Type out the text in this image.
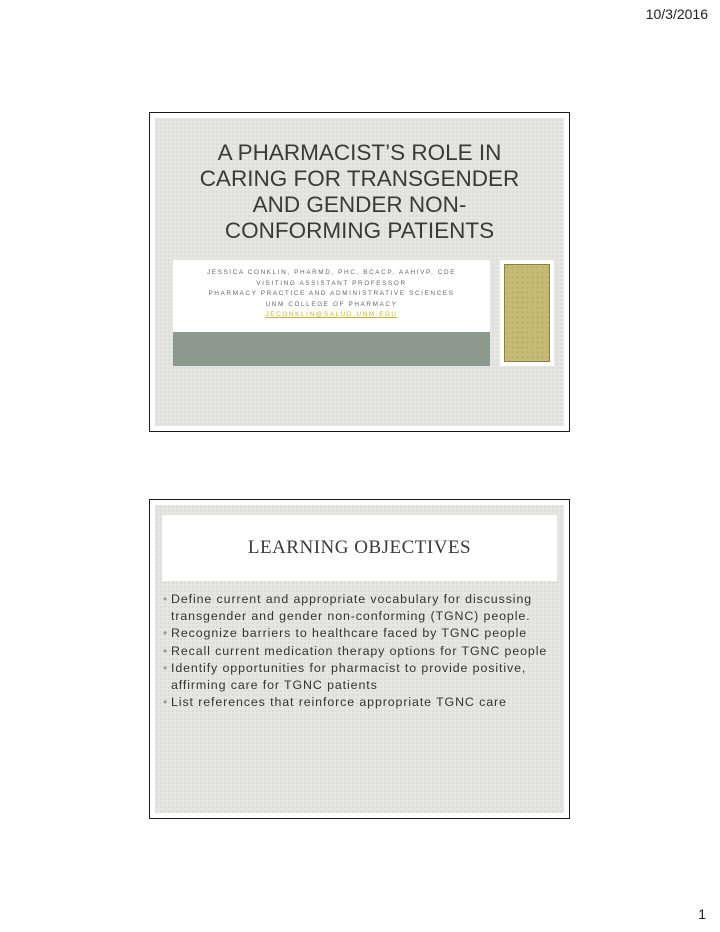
10/3/2016
A PHARMACIST’S ROLE IN
CARING FOR TRANSGENDER
AND GENDER NON-
CONFORMING PATIENTS
JESSICA CONKLIN, PHARMD, PHC, BCACP, AAHIVP, CDE
VISITING ASSISTANT PROFESSOR
PHARMACY PRACTICE AND ADMINISTRATIVE SCIENCES
UNM COLLEGE OF PHARMACY
JECONKLIN@SALUD.UNM.EDU
LEARNING OBJECTIVES
• Define current and appropriate vocabulary for discussing transgender and gender non-conforming (TGNC) people.
• Recognize barriers to healthcare faced by TGNC people
• Recall current medication therapy options for TGNC people
• Identify opportunities for pharmacist to provide positive, affirming care for TGNC patients
• List references that reinforce appropriate TGNC care
1
